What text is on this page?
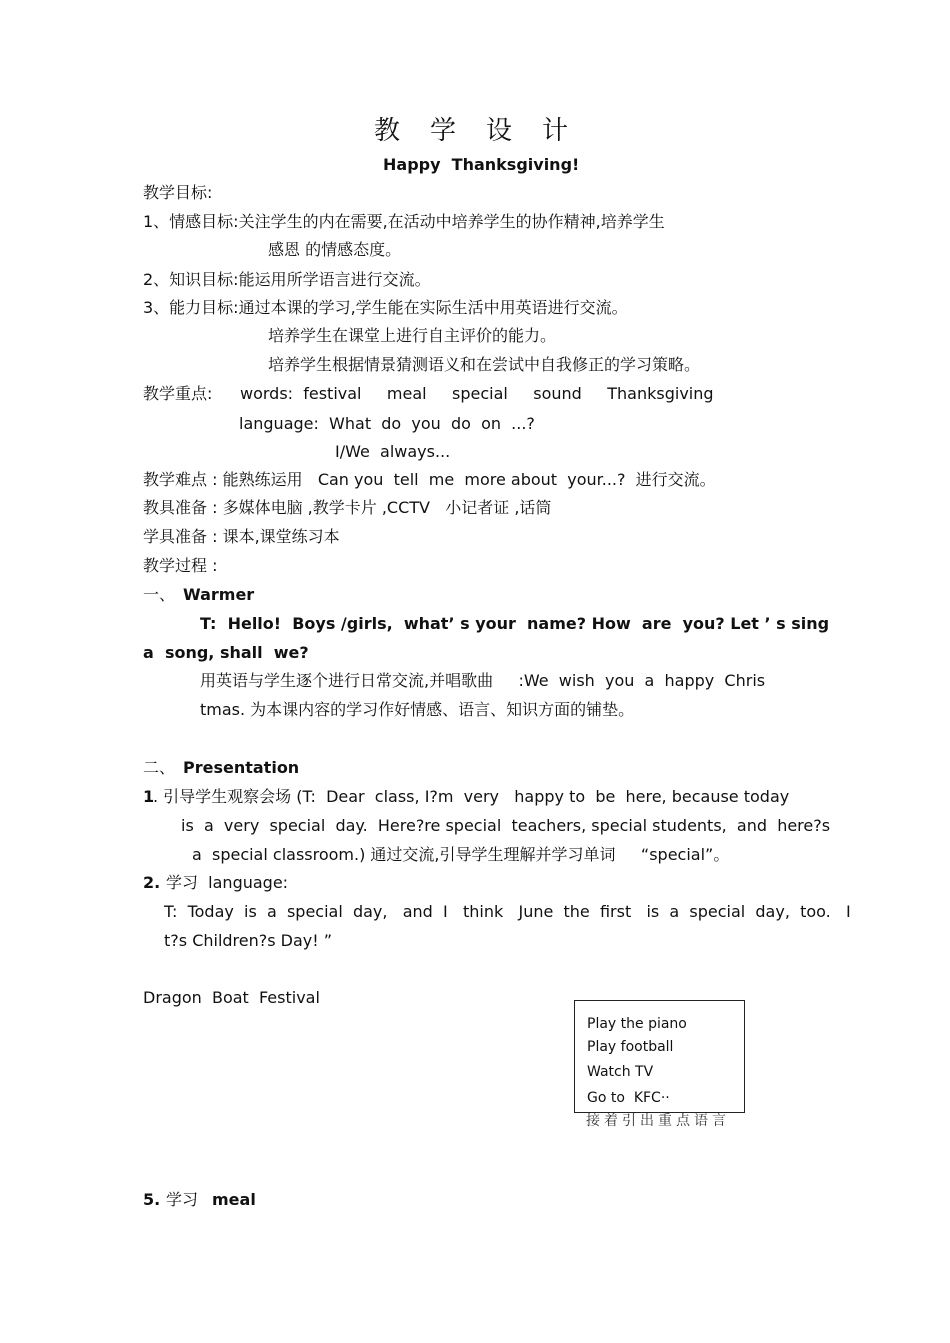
教学设计
Happy  Thanksgiving!
教学目标:
1、情感目标:关注学生的内在需要,在活动中培养学生的协作精神,培养学生
感恩 的情感态度。
2、知识目标:能运用所学语言进行交流。
3、能力目标:通过本课的学习,学生能在实际生活中用英语进行交流。
培养学生在课堂上进行自主评价的能力。
培养学生根据情景猜测语义和在尝试中自我修正的学习策略。
教学重点: words:  festival     meal     special     sound     Thanksgiving
language:  What  do  you  do  on  ...?
I/We  always...
教学难点 : 能熟练运用   Can you  tell  me  more about  your...?  进行交流。
教具准备 : 多媒体电脑 ,教学卡片 ,CCTV   小记者证 ,话筒
学具准备 : 课本,课堂练习本
教学过程 :
一、 Warmer
T:  Hello!  Boys /girls,  what’ s your  name? How  are  you? Let ’ s sing
a  song, shall  we?
用英语与学生逐个进行日常交流,并唱歌曲     :We  wish  you  a  happy  Chris
tmas. 为本课内容的学习作好情感、语言、知识方面的铺垫。
二、 Presentation
1
. 引导学生观察会场 (T:  Dear  class, I?m  very   happy to  be  here, because today
is  a  very  special  day.  Here?re special  teachers, special students,  and  here?s
a  special classroom.) 通过交流,引导学生理解并学习单词     “special”。
2. 学习  language:
T:  Today  is  a  special  day,   and  I   think   June  the  first   is  a  special  day,  too.   I
t?s Children?s Day! ”
Dragon  Boat  Festival
Play the piano
Play football
Watch TV
Go to  KFC··
接着引出重点语言
5. 学习 meal
